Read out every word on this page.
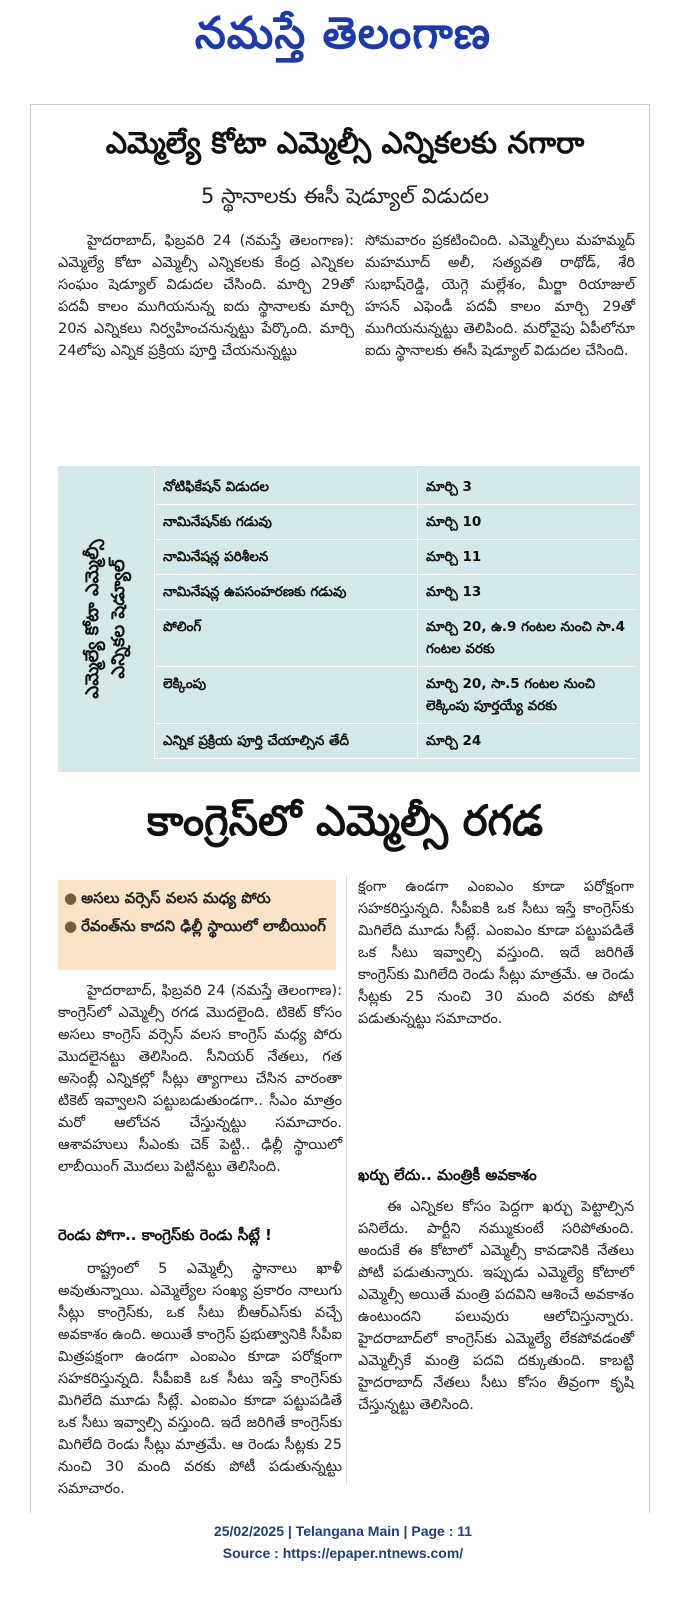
నమస్తే తెలంగాణ
ఎమ్మెల్యే కోటా ఎమ్మెల్సీ ఎన్నికలకు నగారా
5 స్థానాలకు ఈసీ షెడ్యూల్‌ విడుదల

హైదరాబాద్‌, ఫిబ్రవరి 24 (నమస్తే తెలంగాణ): ఎమ్మెల్యే కోటా ఎమ్మెల్సీ ఎన్నికలకు కేంద్ర ఎన్నికల సంఘం షెడ్యూల్‌ విడుదల చేసింది. మార్చి 29తో పదవీ కాలం ముగియనున్న ఐదు స్థానాలకు మార్చి 20న ఎన్నికలు నిర్వహించనున్నట్టు పేర్కొంది. మార్చి 24లోపు ఎన్నిక ప్రక్రియ పూర్తి చేయనున్నట్టు

సోమవారం ప్రకటించింది. ఎమ్మెల్సీలు మహమ్మద్‌ మహమూద్‌ అలీ, సత్యవతి రాథోడ్‌, శేరి సుభాష్‌రెడ్డి, యెగ్గె మల్లేశం, మీర్జా రియాజుల్‌ హసన్‌ ఎఫెండీ పదవీ కాలం మార్చి 29తో ముగియనున్నట్టు తెలిపింది. మరోవైపు ఏపీలోనూ ఐదు స్థానాలకు ఈసీ షెడ్యూల్‌ విడుదల చేసింది.

ఎమ్మెల్యే కోటా ఎమ్మెల్సీ ఎన్నికల షెడ్యూల్‌
నోటిఫికేషన్‌ విడుదల	మార్చి 3
నామినేషన్‌కు గడువు	మార్చి 10
నామినేషన్ల పరిశీలన	మార్చి 11
నామినేషన్ల ఉపసంహరణకు గడువు	మార్చి 13
పోలింగ్‌	మార్చి 20, ఉ.9 గంటల నుంచి సా.4 గంటల వరకు
లెక్కింపు	మార్చి 20, సా.5 గంటల నుంచి లెక్కింపు పూర్తయ్యే వరకు
ఎన్నిక ప్రక్రియ పూర్తి చేయాల్సిన తేదీ	మార్చి 24
కాంగ్రెస్‌లో ఎమ్మెల్సీ రగడ
● అసలు వర్సెస్‌ వలస మధ్య పోరు
● రేవంత్‌ను కాదని ఢిల్లీ స్థాయిలో లాబీయింగ్‌

హైదరాబాద్‌, ఫిబ్రవరి 24 (నమస్తే తెలంగాణ): కాంగ్రెస్‌లో ఎమ్మెల్సీ రగడ మొదలైంది. టికెట్‌ కోసం అసలు కాంగ్రెస్‌ వర్సెస్‌ వలస కాంగ్రెస్‌ మధ్య పోరు మొదలైనట్టు తెలిసింది. సీనియర్‌ నేతలు, గత అసెంబ్లీ ఎన్నికల్లో సీట్లు త్యాగాలు చేసిన వారంతా టికెట్‌ ఇవ్వాలని పట్టుబడుతుండగా.. సీఎం మాత్రం మరో ఆలోచన చేస్తున్నట్టు సమాచారం. ఆశావహులు సీఎంకు చెక్‌ పెట్టి.. ఢిల్లీ స్థాయిలో లాబీయింగ్‌ మొదలు పెట్టినట్టు తెలిసింది.

రెండు పోగా.. కాంగ్రెస్‌కు రెండు సీట్లే !

రాష్ట్రంలో 5 ఎమ్మెల్సీ స్థానాలు ఖాళీ అవుతున్నాయి. ఎమ్మెల్యేల సంఖ్య ప్రకారం నాలుగు సీట్లు కాంగ్రెస్‌కు, ఒక సీటు బీఆర్‌ఎస్‌కు వచ్చే అవకాశం ఉంది. అయితే కాంగ్రెస్‌ ప్రభుత్వానికి సీపీఐ మిత్రపక్షంగా ఉండగా ఎంఐఎం కూడా పరోక్షంగా సహకరిస్తున్నది. సీపీఐకి ఒక సీటు ఇస్తే కాంగ్రెస్‌కు మిగిలేది మూడు సీట్లే. ఎంఐఎం కూడా పట్టుపడితే ఒక సీటు ఇవ్వాల్సి వస్తుంది. ఇదే జరిగితే కాంగ్రెస్‌కు మిగిలేది రెండు సీట్లు మాత్రమే. ఆ రెండు సీట్లకు 25 నుంచి 30 మంది వరకు పోటీ పడుతున్నట్టు సమాచారం.

క్షంగా ఉండగా ఎంఐఎం కూడా పరోక్షంగా సహకరిస్తున్నది. సీపీఐకి ఒక సీటు ఇస్తే కాంగ్రెస్‌కు మిగిలేది మూడు సీట్లే. ఎంఐఎం కూడా పట్టుపడితే ఒక సీటు ఇవ్వాల్సి వస్తుంది. ఇదే జరిగితే కాంగ్రెస్‌కు మిగిలేది రెండు సీట్లు మాత్రమే. ఆ రెండు సీట్లకు 25 నుంచి 30 మంది వరకు పోటీ పడుతున్నట్టు సమాచారం.

ఖర్చు లేదు.. మంత్రికీ అవకాశం

ఈ ఎన్నికల కోసం పెద్దగా ఖర్చు పెట్టాల్సిన పనిలేదు. పార్టీని నమ్ముకుంటే సరిపోతుంది. అందుకే ఈ కోటాలో ఎమ్మెల్సీ కావడానికి నేతలు పోటీ పడుతున్నారు. ఇప్పుడు ఎమ్మెల్యే కోటాలో ఎమ్మెల్సీ అయితే మంత్రి పదవిని ఆశించే అవకాశం ఉంటుందని పలువురు ఆలోచిస్తున్నారు. హైదరాబాద్‌లో కాంగ్రెస్‌కు ఎమ్మెల్యే లేకపోవడంతో ఎమ్మెల్సీకే మంత్రి పదవి దక్కుతుంది. కాబట్టి హైదరాబాద్‌ నేతలు సీటు కోసం తీవ్రంగా కృషి చేస్తున్నట్టు తెలిసింది.

25/02/2025 | Telangana Main | Page : 11
Source : https://epaper.ntnews.com/
